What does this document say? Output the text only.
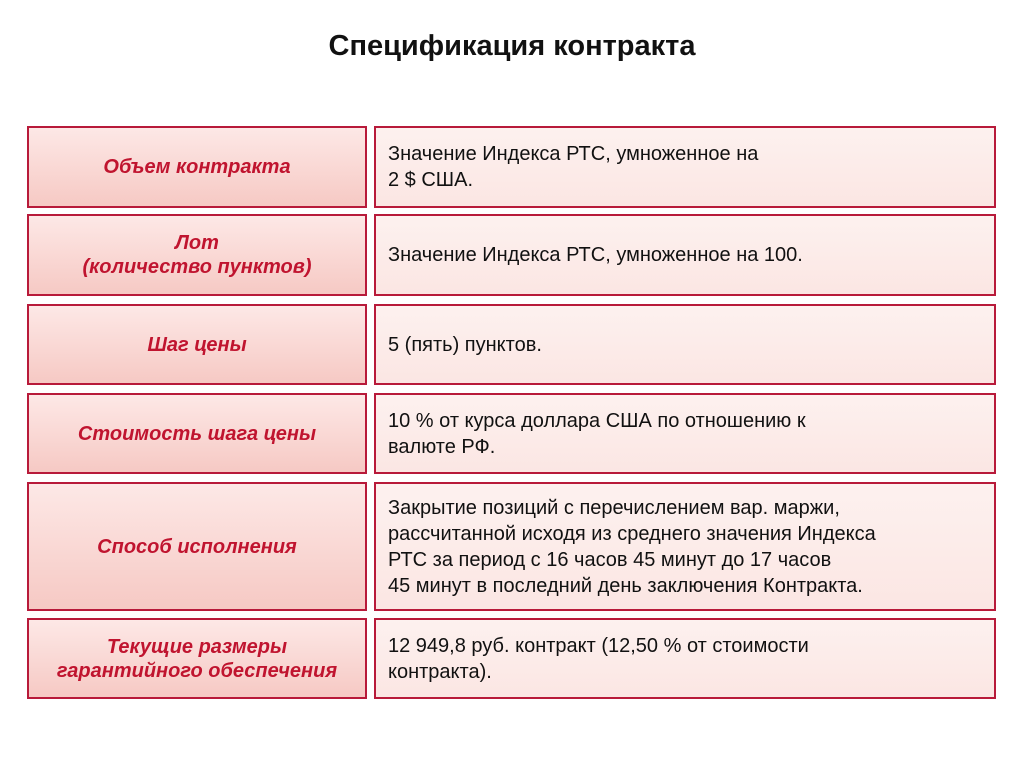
Спецификация контракта
Объем контракта
Значение Индекса РТС, умноженное на
2 $ США.
Лот
(количество пунктов)
Значение Индекса РТС, умноженное на 100.
Шаг цены	5 (пять) пунктов.
Стоимость шага цены
10 % от курса доллара США по отношению к
валюте РФ.
Способ исполнения
Закрытие позиций с перечислением вар. маржи,
рассчитанной исходя из среднего значения Индекса
РТС за период с 16 часов 45 минут до 17 часов
45 минут в последний день заключения Контракта.
Текущие размеры
гарантийного обеспечения
12 949,8 руб. контракт (12,50 % от стоимости
контракта).
